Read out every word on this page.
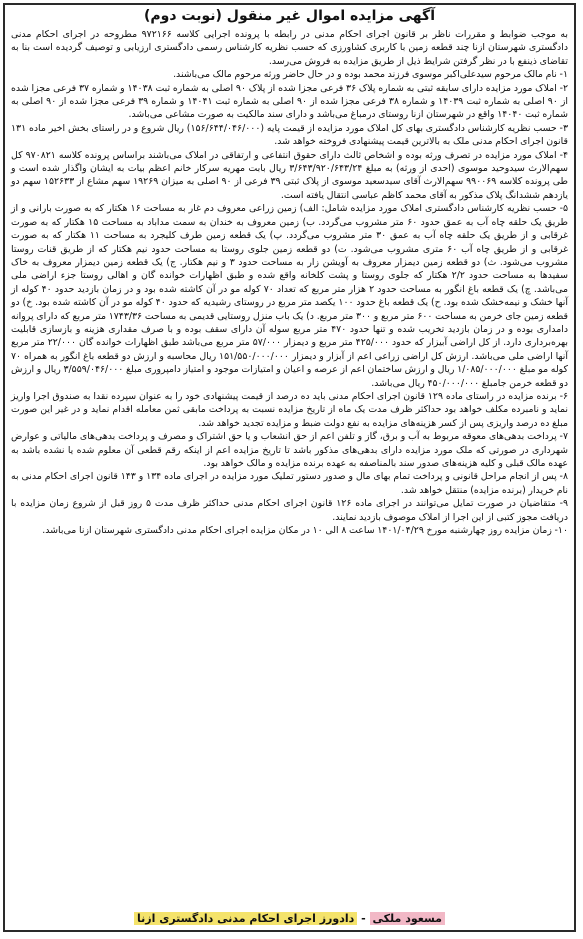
آگهی مزایده اموال غیر منقول (نوبت دوم)

به موجب ضوابط و مقررات ناظر بر قانون اجرای احکام مدنی در رابطه با پرونده اجرایی کلاسه ۹۷۲۱۶۶ مطروحه در اجرای احکام مدنی دادگستری شهرستان ازنا چند قطعه زمین با کاربری کشاورزی که حسب نظریه کارشناس رسمی دادگستری ارزیابی و توصیف گردیده است بنا به تقاضای ذینفع با در نظر گرفتن شرایط ذیل از طریق مزایده به فروش می‌رسد.

۱- نام مالک مرحوم سیدعلی‌اکبر موسوی فرزند محمد بوده و در حال حاضر ورثه مرحوم مالک می‌باشند.

۲- املاک مورد مزایده دارای سابقه ثبتی به شماره پلاک ۳۶ فرعی مجزا شده از پلاک ۹۰ اصلی به شماره ثبت ۱۴۰۳۸ و شماره ۳۷ فرعی مجزا شده از ۹۰ اصلی به شماره ثبت ۱۴۰۳۹ و شماره ۳۸ فرعی مجزا شده از ۹۰ اصلی به شماره ثبت ۱۴۰۴۱ و شماره ۳۹ فرعی مجزا شده از ۹۰ اصلی به شماره ثبت ۱۴۰۴۰ واقع در شهرستان ازنا روستای درمباغ می‌باشد و دارای سند مالکیت به صورت مشاعی می‌باشد.

۳- حسب نظریه کارشناس دادگستری بهای کل املاک مورد مزایده از قیمت پایه (۱۵۶/۶۴۴/۰۴۶/۰۰۰) ریال شروع و در راستای بخش اخیر ماده ۱۳۱ قانون اجرای احکام مدنی ملک به بالاترین قیمت پیشنهادی فروخته خواهد شد.

۴- املاک مورد مزایده در تصرف ورثه بوده و اشخاص ثالث دارای حقوق انتفاعی و ارتفاقی در املاک می‌باشند براساس پرونده کلاسه ۹۷۰۸۲۱ کل سهم‌الارث سیدوحید موسوی (احدی از ورثه) به مبلغ ۳/۶۴۳/۹۲۰/۶۴۳/۲۴ ریال بابت مهریه سرکار خانم اعظم بیات به ایشان واگذار شده است و طی پرونده کلاسه ۹۹۰۰۶۹ سهم‌الارث آقای سیدسعید موسوی از پلاک ثبتی ۳۹ فرعی از ۹۰ اصلی به میزان ۱۹۲۶۹ سهم مشاع از ۱۵۲۶۳۳ سهم دو یازدهم ششدانگ پلاک مذکور به آقای محمد کاظم عباسی انتقال یافته است.

۵- حسب نظریه کارشناس دادگستری املاک مورد مزایده شامل: الف) زمین زراعی معروف دم غار به مساحت ۱۶ هکتار که به صورت بارانی و از طریق یک حلقه چاه آب به عمق حدود ۶۰ متر مشروب می‌گردد. ب) زمین معروف به خندان به سمت مداباد به مساحت ۱۵ هکتار که به صورت غرقابی و از طریق یک حلقه چاه آب به عمق ۳۰ متر مشروب می‌گردد. پ) یک قطعه زمین طرف کلیجرد به مساحت ۱۱ هکتار که به صورت غرقابی و از طریق چاه آب ۶۰ متری مشروب می‌شود. ت) دو قطعه زمین جلوی روستا به مساحت حدود نیم هکتار که از طریق قنات روستا مشروب می‌شود. ث) دو قطعه زمین دیمزار معروف به آویشن زار به مساحت حدود ۳ و نیم هکتار. ج) یک قطعه زمین دیمزار معروف به خاک سفید‌ها به مساحت حدود ۲/۲ هکتار که جلوی روستا و پشت کلخانه واقع شده و طبق اظهارات خوانده گان و اهالی روستا جزء اراضی ملی می‌باشد. چ) یک قطعه باغ انگور به مساحت حدود ۲ هزار متر مربع که تعداد ۷۰ کوله مو در آن کاشته شده بود و در زمان بازدید حدود ۴۰ کوله از آنها خشک و نیمه‌خشک شده بود. ح) یک قطعه باغ حدود ۱۰۰ یکصد متر مربع در روستای رشیدیه که حدود ۴۰ کوله مو در آن کاشته شده بود. خ) دو قطعه زمین جای خرمن به مساحت ۶۰۰ متر مربع و ۳۰۰ متر مربع. د) یک باب منزل روستایی قدیمی به مساحت ۱۷۴۳/۳۶ متر مربع که دارای پروانه دامداری بوده و در زمان بازدید تخریب شده و تنها حدود ۴۷۰ متر مربع سوله آن دارای سقف بوده و با صرف مقداری هزینه و بازسازی قابلیت بهره‌برداری دارد. از کل اراضی آبیزار که حدود ۴۲۵/۰۰۰ متر مربع و دیمزار ۵۷/۰۰۰ متر مربع می‌باشد طبق اظهارات خوانده گان ۲۲/۰۰۰ متر مربع آنها اراضی ملی می‌باشد. ارزش کل اراضی زراعی اعم از آبزار و دیمزار ۱۵۱/۵۵۰/۰۰۰/۰۰۰ ریال محاسبه و ارزش دو قطعه باغ انگور به همراه ۷۰ کوله مو مبلغ ۱/۰۸۵/۰۰۰/۰۰۰ ریال و ارزش ساختمان اعم از عرصه و اعیان و امتیازات موجود و امتیاز دامپروری مبلغ ۳/۵۵۹/۰۴۶/۰۰۰ ریال و ارزش دو قطعه خرمن جامبلغ ۴۵۰/۰۰۰/۰۰۰ ریال می‌باشد.

۶- برنده مزایده در راستای ماده ۱۲۹ قانون اجرای احکام مدنی باید ده درصد از قیمت پیشنهادی خود را به عنوان سپرده نقدا به صندوق اجرا واریز نماید و نامبرده مکلف خواهد بود حداکثر ظرف مدت یک ماه از تاریخ مزایده نسبت به پرداخت مابقی ثمن معامله اقدام نماید و در غیر این صورت مبلغ ده درصد واریزی پس از کسر هزینه‌های مزایده به نفع دولت ضبط و مزایده تجدید خواهد شد.

۷- پرداخت بدهی‌های معوقه مربوط به آب و برق، گاز و تلفن اعم از حق انشعاب و یا حق اشتراک و مصرف و پرداخت بدهی‌های مالیاتی و عوارض شهرداری در صورتی که ملک مورد مزایده دارای بدهی‌های مذکور باشد تا تاریخ مزایده اعم از اینکه رقم قطعی آن معلوم شده یا نشده باشد به عهده مالک قبلی و کلیه هزینه‌های صدور سند بالمناصفه به عهده برنده مزایده و مالک خواهد بود.

۸- پس از انجام مراحل قانونی و پرداخت تمام بهای مال و صدور دستور تملیک مورد مزایده در اجرای ماده ۱۳۴ و ۱۴۳ قانون اجرای احکام مدنی به نام خریدار (برنده مزایده) منتقل خواهد شد.

۹- متقاضیان در صورت تمایل می‌توانند در اجرای ماده ۱۲۶ قانون اجرای احکام مدنی حداکثر ظرف مدت ۵ روز قبل از شروع زمان مزایده با دریافت مجوز کتبی از این اجرا از املاک موصوف بازدید نمایند.

۱۰- زمان مزایده روز چهارشنبه مورخ ۱۴۰۱/۰۴/۲۹ ساعت ۸ الی ۱۰ در مکان مزایده اجرای احکام مدنی دادگستری شهرستان ازنا می‌باشد.

مسعود ملکی - دادورز اجرای احکام مدنی دادگستری ازنا
